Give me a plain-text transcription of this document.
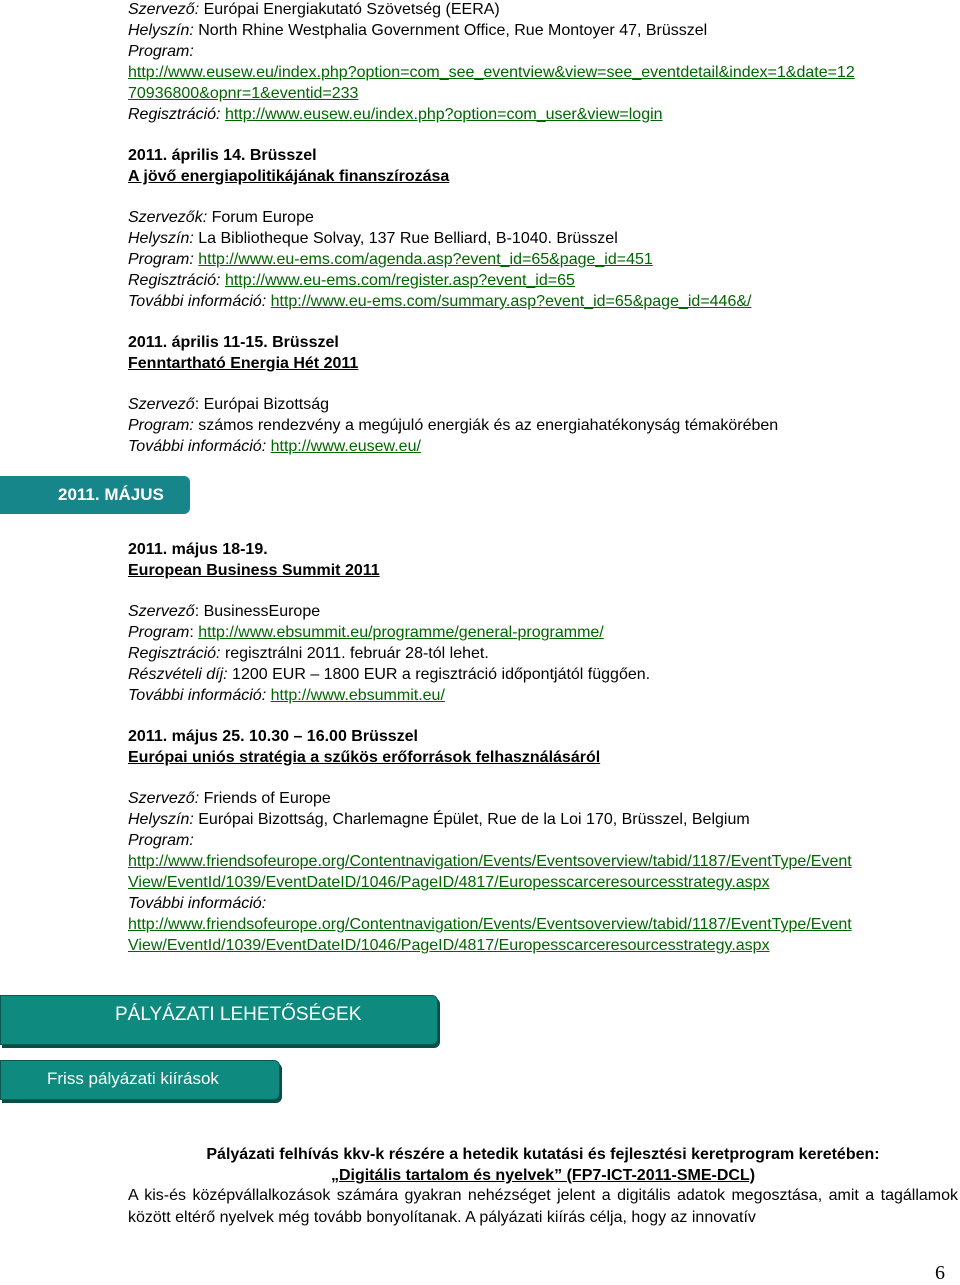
Szervező: Európai Energiakutató Szövetség (EERA)
Helyszín: North Rhine Westphalia Government Office, Rue Montoyer 47, Brüsszel
Program:
http://www.eusew.eu/index.php?option=com_see_eventview&view=see_eventdetail&index=1&date=12
70936800&opnr=1&eventid=233
Regisztráció: http://www.eusew.eu/index.php?option=com_user&view=login
2011. április 14. Brüsszel
A jövő energiapolitikájának finanszírozása
Szervezők: Forum Europe
Helyszín: La Bibliotheque Solvay, 137 Rue Belliard, B-1040. Brüsszel
Program: http://www.eu-ems.com/agenda.asp?event_id=65&page_id=451
Regisztráció: http://www.eu-ems.com/register.asp?event_id=65
További információ: http://www.eu-ems.com/summary.asp?event_id=65&page_id=446&/
2011. április 11-15. Brüsszel
Fenntartható Energia Hét 2011
Szervező: Európai Bizottság
Program: számos rendezvény a megújuló energiák és az energiahatékonyság témakörében
További információ: http://www.eusew.eu/
2011. MÁJUS
2011. május 18-19.
European Business Summit 2011
Szervező: BusinessEurope
Program: http://www.ebsummit.eu/programme/general-programme/
Regisztráció: regisztrálni 2011. február 28-tól lehet.
Részvételi díj: 1200 EUR – 1800 EUR a regisztráció időpontjától függően.
További információ: http://www.ebsummit.eu/
2011. május 25. 10.30 – 16.00 Brüsszel
Európai uniós stratégia a szűkös erőforrások felhasználásáról
Szervező: Friends of Europe
Helyszín: Európai Bizottság, Charlemagne Épület, Rue de la Loi 170, Brüsszel, Belgium
Program:
http://www.friendsofeurope.org/Contentnavigation/Events/Eventsoverview/tabid/1187/EventType/Event
View/EventId/1039/EventDateID/1046/PageID/4817/Europesscarceresourcesstrategy.aspx
További információ:
http://www.friendsofeurope.org/Contentnavigation/Events/Eventsoverview/tabid/1187/EventType/Event
View/EventId/1039/EventDateID/1046/PageID/4817/Europesscarceresourcesstrategy.aspx
PÁLYÁZATI LEHETŐSÉGEK
Friss pályázati kiírások
Pályázati felhívás kkv-k részére a hetedik kutatási és fejlesztési keretprogram keretében:
„Digitális tartalom és nyelvek” (FP7-ICT-2011-SME-DCL)
A kis-és középvállalkozások számára gyakran nehézséget jelent a digitális adatok megosztása, amit a tagállamok között eltérő nyelvek még tovább bonyolítanak. A pályázati kiírás célja, hogy az innovatív
6
